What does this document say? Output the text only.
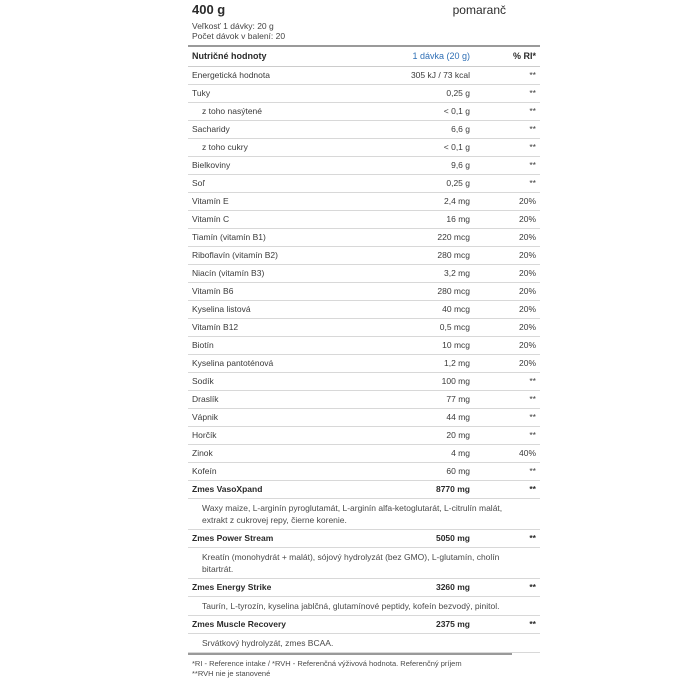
400 g	pomaranč
Veľkosť 1 dávky: 20 g
Počet dávok v balení: 20
Nutričné hodnoty	1 dávka (20 g)	% RI*
Energetická hodnota	305 kJ / 73 kcal	**
Tuky	0,25 g	**
z toho nasýtené	< 0,1 g	**
Sacharidy	6,6 g	**
z toho cukry	< 0,1 g	**
Bielkoviny	9,6 g	**
Soľ	0,25 g	**
Vitamín E	2,4 mg	20%
Vitamín C	16 mg	20%
Tiamín (vitamín B1)	220 mcg	20%
Riboflavín (vitamín B2)	280 mcg	20%
Niacín (vitamín B3)	3,2 mg	20%
Vitamín B6	280 mcg	20%
Kyselina listová	40 mcg	20%
Vitamín B12	0,5 mcg	20%
Biotín	10 mcg	20%
Kyselina pantoténová	1,2 mg	20%
Sodík	100 mg	**
Draslík	77 mg	**
Vápnik	44 mg	**
Horčík	20 mg	**
Zinok	4 mg	40%
Kofeín	60 mg	**
Zmes VasoXpand	8770 mg	**
Waxy maize, L-arginín pyroglutamát, L-arginín alfa-ketoglutarát, L-citrulín malát, extrakt z cukrovej repy, čierne korenie.		
Zmes Power Stream	5050 mg	**
Kreatín (monohydrát + malát), sójový hydrolyzát (bez GMO), L-glutamín, cholín bitartrát.		
Zmes Energy Strike	3260 mg	**
Taurín, L-tyrozín, kyselina jablčná, glutamínové peptidy, kofeín bezvodý, pinitol.		
Zmes Muscle Recovery	2375 mg	**
Srvátkový hydrolyzát, zmes BCAA.		
*RI - Reference intake / *RVH - Referenčná výživová hodnota. Referenčný príjem
**RVH nie je stanovené
